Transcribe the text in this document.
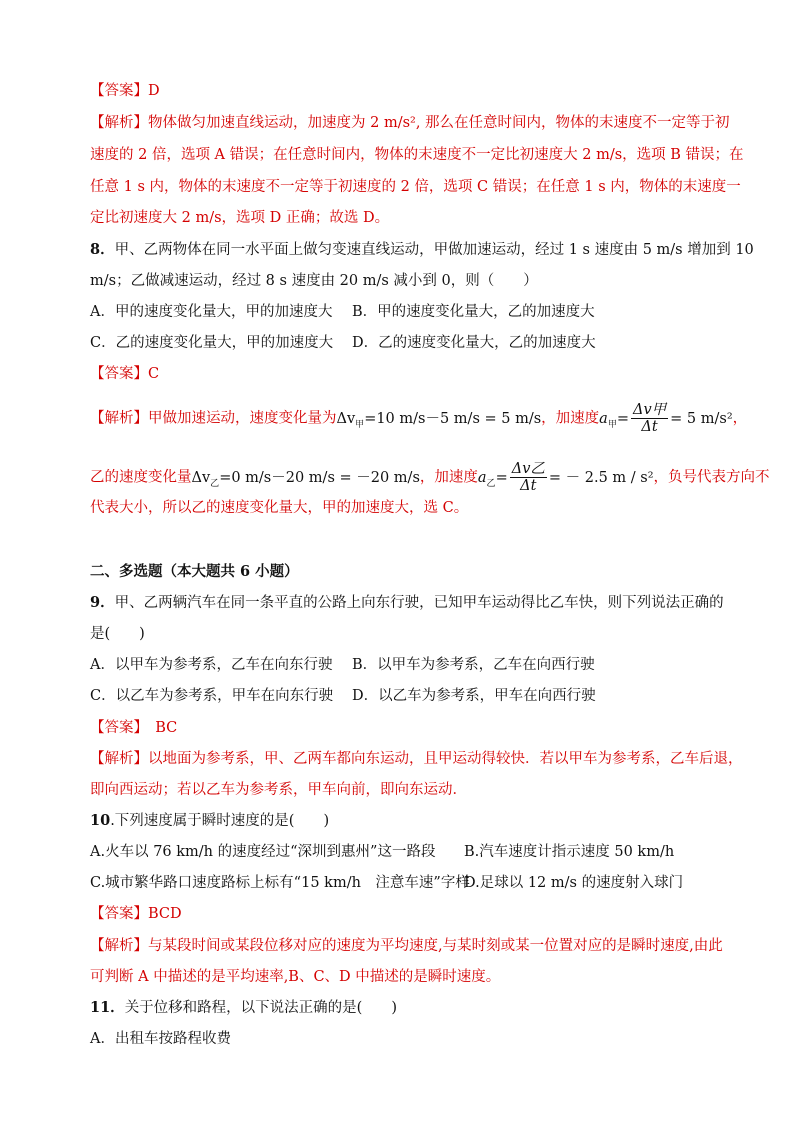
【答案】D
【解析】物体做匀加速直线运动，加速度为 2 m/s², 那么在任意时间内，物体的末速度不一定等于初
速度的 2 倍，选项 A 错误；在任意时间内，物体的末速度不一定比初速度大 2 m/s，选项 B 错误；在
任意 1 s 内，物体的末速度不一定等于初速度的 2 倍，选项 C 错误；在任意 1 s 内，物体的末速度一
定比初速度大 2 m/s，选项 D 正确；故选 D。
8．甲、乙两物体在同一水平面上做匀变速直线运动，甲做加速运动，经过 1 s 速度由 5 m/s 增加到 10
m/s；乙做减速运动，经过 8 s 速度由 20 m/s 减小到 0，则（　　）
A．甲的速度变化量大，甲的加速度大 B．甲的速度变化量大，乙的加速度大
C．乙的速度变化量大，甲的加速度大 D．乙的速度变化量大，乙的加速度大
【答案】C
【解析】甲做加速运动，速度变化量为$\Delta v_甲=10$ m/s－5 m/s = 5 m/s，加速度$a_甲= \frac{\text{Δv甲}}{\Delta t} = 5$ m/s²，
乙的速度变化量$\Delta v_乙=0$ m/s－20 m/s = －20 m/s，加速度$a_乙= \frac{\text{Δv乙}}{\Delta t}$ = － 2.5 m / s²，负号代表方向不
代表大小，所以乙的速度变化量大，甲的加速度大，选 C。
二、多选题（本大题共 6 小题）
9．甲、乙两辆汽车在同一条平直的公路上向东行驶，已知甲车运动得比乙车快，则下列说法正确的
是(　　)
A．以甲车为参考系，乙车在向东行驶 B．以甲车为参考系，乙车在向西行驶
C．以乙车为参考系，甲车在向东行驶 D．以乙车为参考系，甲车在向西行驶
【答案】　BC
【解析】以地面为参考系，甲、乙两车都向东运动，且甲运动得较快．若以甲车为参考系，乙车后退，
即向西运动；若以乙车为参考系，甲车向前，即向东运动．
10.下列速度属于瞬时速度的是(　　)
A.火车以 76 km/h 的速度经过“深圳到惠州”这一路段 B.汽车速度计指示速度 50 km/h
C.城市繁华路口速度路标上标有“15 km/h　注意车速”字样
D.足球以 12 m/s 的速度射入球门
【答案】BCD
【解析】与某段时间或某段位移对应的速度为平均速度,与某时刻或某一位置对应的是瞬时速度,由此
可判断 A 中描述的是平均速率,B、C、D 中描述的是瞬时速度。
11．关于位移和路程，以下说法正确的是(　　)
A．出租车按路程收费
